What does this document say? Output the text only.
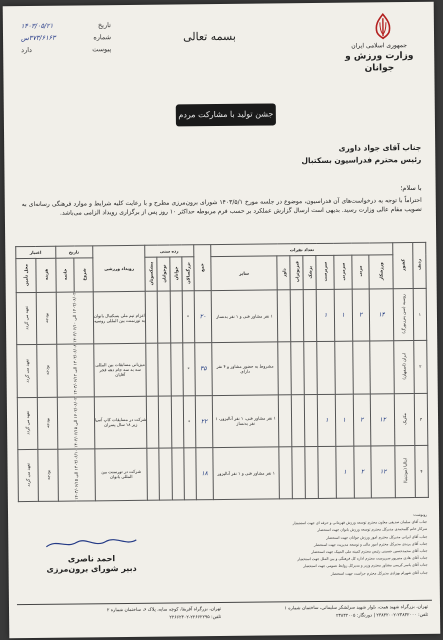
جمهوری اسلامی ایران
وزارت ورزش و جوانان
بسمه تعالی
تاریخ
۱۴۰۳/۰۵/۲۱
شماره
۳۷۳/۶۱۶۳س
پیوست
دارد
جشن تولید با مشارکت مردم
جناب آقای جواد داوری
رئیس محترم فدراسیون بسکتبال
با سلام؛
احتراماً با توجه به درخواست‌های آن فدراسیون، موضوع در جلسه مورخ ۱۴۰۳/۵/۱ شورای برون‌مرزی مطرح و با رعایت کلیه شرایط و موارد فرهنگی رسانه‌ای به تصویب مقام عالی وزارت رسید. بدیهی است ارسال گزارش عملکرد بر حسب فرم مربوطه حداکثر ۱۰ روز پس از برگزاری رویداد الزامی می‌باشد.
ردیف	کشور	تعداد نفرات								جمع	رده سنی				رویداد ورزشی	تاریخ		اعتبار	
		ورزشکار	مربی	سرمربی	سرپرست	پزشک	فیزیوتراپ	داور	سایر		بزرگسالان	جوانان	نوجوانان	پیشکسوتان		شروع	خاتمه	هزینه	محل تأمین
۱	روسیه (سن پترزبورگ)	۱۴	۲	۱	۱				۱ نفر مشاور فنی و ۱ نفر بدنساز	۲۰	*				اعزام تیم ملی بسکتبال بانوان به تورنمنت بین المللی روسیه	۱۴۰۳/۰۶/۰۲ الی ۱۴۰۳/۰۶/۱۰		بودجه	تعهد می گردد
۲	ایران (اصفهان)								مشروط به حضور مشاور و ۴ نفر دارای	۳۵	*				میزبانی مسابقات بین المللی سه به سه جام دهه فجر آقایان	۱۴۰۳/۰۶/۰۸ الی ۱۴۰۳/۰۶/۱۲		بودجه	تعهد می گردد
۳	مکزیک	۱۲	۲	۱	۱				۱ نفر مشاور فنی، ۱ نفر آنالیزور، ۱ نفر بدنساز	۲۲	*				شرکت در مسابقات کاپ آسیا زیر ۱۸ سال پسران	۱۴۰۳/۰۶/۰۲ الی ۱۴۰۳/۰۶/۱۵		بودجه	تعهد می گردد
۴	ایتالیا (مونتینیا)	۱۲	۲	۱					۱ نفر مشاور فنی و ۱ نفر آنالیزور	۱۸					شرکت در تورنمنت بین المللی بانوان	۱۴۰۳/۰۶/۱۰ الی ۱۴۰۳/۰۶/۱۵		بودجه	تعهد می گردد
احمد ناصری
دبیر شورای برون‌مرزی
رونوشت:
جناب آقای سلمان صدیقی معاون محترم توسعه ورزش قهرمانی و حرفه ای جهت استحضار
سرکار خانم گلمحمدی مدیرکل محترم توسعه ورزش بانوان جهت استحضار
جناب آقای ایرانی مدیرکل محترم امور ورزش جوانان جهت استحضار
جناب آقای پرندی مدیرکل محترم امور مالی و توسعه مدیریت جهت استحضار
جناب آقای محمدحسین حسینی رئیس محترم کمیته ملی المپیک جهت استحضار
جناب آقای هادی منیرپور سرپرست محترم اداره کل فرهنگی و بین الملل جهت استحضار
جناب آقای یاسر کریمی مشاور محترم وزیر و مدیرکل روابط عمومی جهت استحضار
جناب آقای شهرام بهزادی مدیرکل محترم حراست جهت استحضار
تهران، بزرگراه شهید همت، بلوار شهید سرلشکر سلیمانی، ساختمان شماره ۱
تلفن: ۲۳۸۳۲۰۰۰-۲۳۸۳۲۰۰۲ | دورنگار: ۲۳۸۳۲۰۰۵
تهران، بزرگراه آفریقا، کوچه سایه، پلاک ۶، ساختمان شماره ۲
تلفن: ۲۲۶۶۲۲۹۵-۲۲۶۶۲۳۰۲
